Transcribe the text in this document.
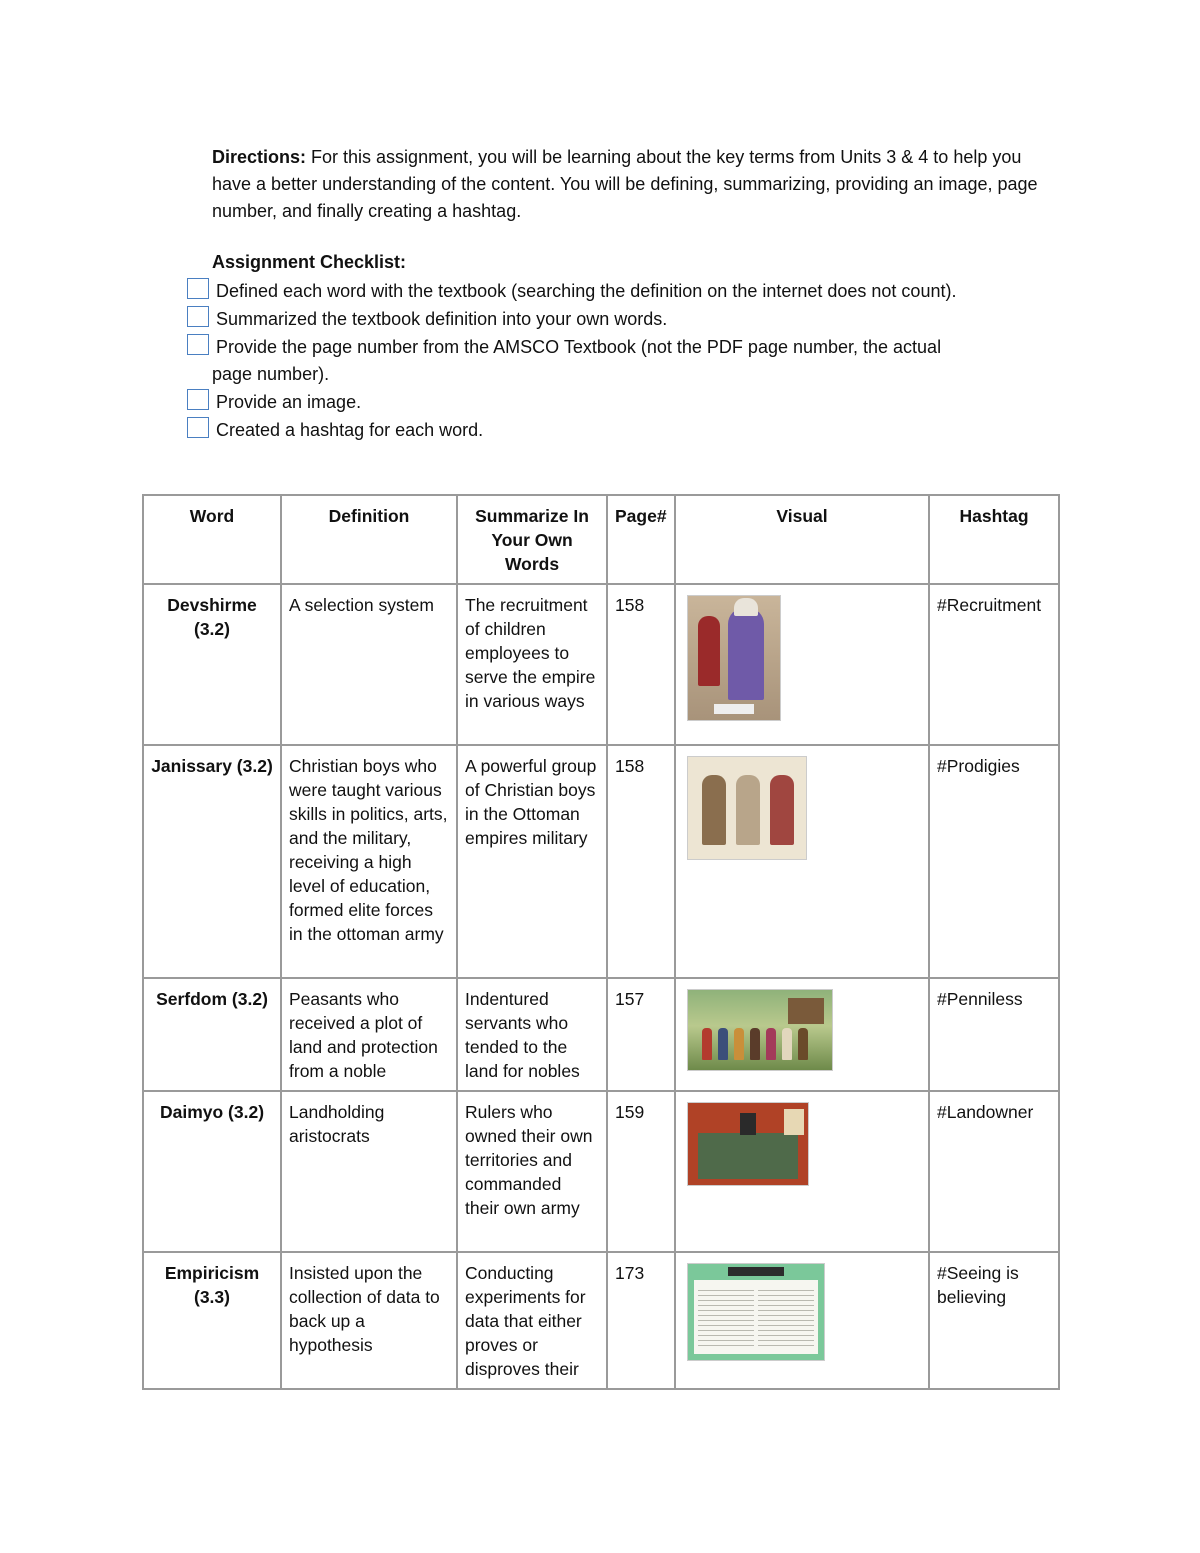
Directions: For this assignment, you will be learning about the key terms from Units 3 & 4 to help you have a better understanding of the content. You will be defining, summarizing, providing an image, page number, and finally creating a hashtag.
Assignment Checklist:
Defined each word with the textbook (searching the definition on the internet does not count).
Summarized the textbook definition into your own words.
Provide the page number from the AMSCO Textbook (not the PDF page number, the actual
page number).
Provide an image.
Created a hashtag for each word.
Word	Definition	Summarize In Your Own Words	Page#	Visual	Hashtag
Devshirme (3.2)	A selection system	The recruitment of children employees to serve the empire in various ways	158		#Recruitment
Janissary (3.2)	Christian boys who were taught various skills in politics, arts, and the military, receiving a high level of education, formed elite forces in the ottoman army	A powerful group of Christian boys in the Ottoman empires military	158		#Prodigies
Serfdom (3.2)	Peasants who received a plot of land and protection from a noble	Indentured servants who tended to the land for nobles	157		#Penniless
Daimyo (3.2)	Landholding aristocrats	Rulers who owned their own territories and commanded their own army	159		#Landowner
Empiricism (3.3)	Insisted upon the collection of data to back up a hypothesis	Conducting experiments for data that either proves or disproves their	173		#Seeing is believing
